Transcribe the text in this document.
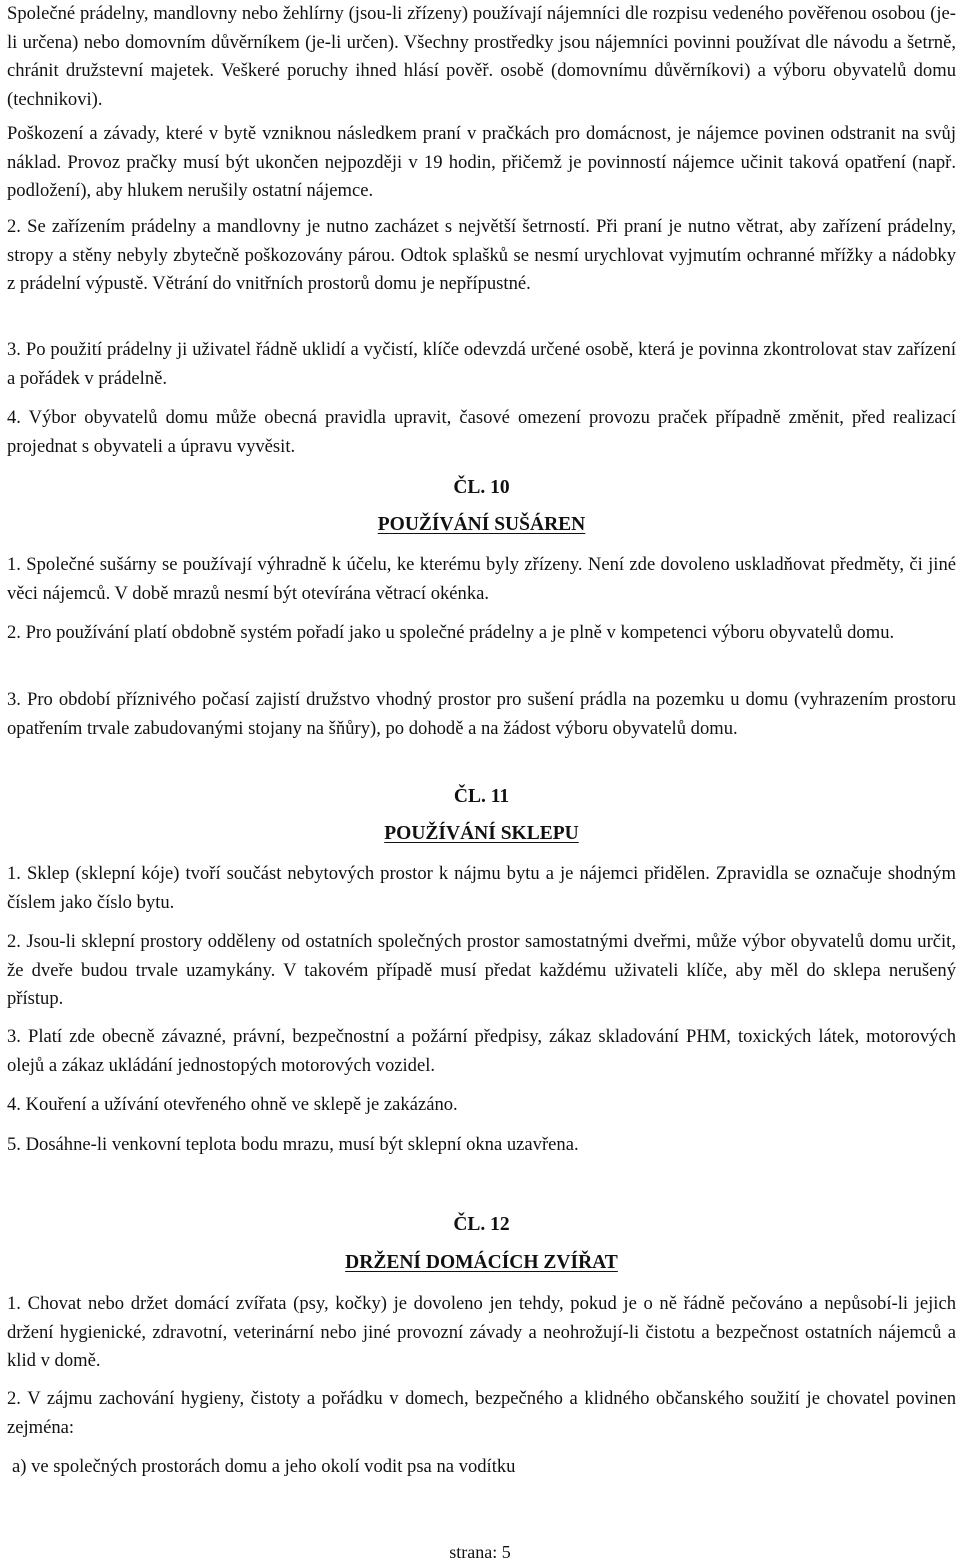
Společné prádelny, mandlovny nebo žehlírny (jsou-li zřízeny) používají nájemníci dle rozpisu vedeného pověřenou osobou (je-li určena) nebo domovním důvěrníkem (je-li určen). Všechny prostředky jsou nájemníci povinni používat dle návodu a šetrně, chránit družstevní majetek. Veškeré poruchy ihned hlásí pověř. osobě (domovnímu důvěrníkovi) a výboru obyvatelů domu (technikovi).

Poškození a závady, které v bytě vzniknou následkem praní v pračkách pro domácnost, je nájemce povinen odstranit na svůj náklad. Provoz pračky musí být ukončen nejpozději v 19 hodin, přičemž je povinností nájemce učinit taková opatření (např. podložení), aby hlukem nerušily ostatní nájemce.

2. Se zařízením prádelny a mandlovny je nutno zacházet s největší šetrností. Při praní je nutno větrat, aby zařízení prádelny, stropy a stěny nebyly zbytečně poškozovány párou. Odtok splašků se nesmí urychlovat vyjmutím ochranné mřížky a nádobky z prádelní výpustě. Větrání do vnitřních prostorů domu je nepřípustné.

3. Po použití prádelny ji uživatel řádně uklidí a vyčistí, klíče odevzdá určené osobě, která je povinna zkontrolovat stav zařízení a pořádek v prádelně.

4. Výbor obyvatelů domu může obecná pravidla upravit, časové omezení provozu praček případně změnit, před realizací projednat s obyvateli a úpravu vyvěsit.

ČL. 10
POUŽÍVÁNÍ SUŠÁREN

1. Společné sušárny se používají výhradně k účelu, ke kterému byly zřízeny. Není zde dovoleno uskladňovat předměty, či jiné věci nájemců. V době mrazů nesmí být otevírána větrací okénka.

2. Pro používání platí obdobně systém pořadí jako u společné prádelny a je plně v kompetenci výboru obyvatelů domu.

3. Pro období příznivého počasí zajistí družstvo vhodný prostor pro sušení prádla na pozemku u domu (vyhrazením prostoru opatřením trvale zabudovanými stojany na šňůry), po dohodě a na žádost výboru obyvatelů domu.

ČL. 11
POUŽÍVÁNÍ SKLEPU

1. Sklep (sklepní kóje) tvoří součást nebytových prostor k nájmu bytu a je nájemci přidělen. Zpravidla se označuje shodným číslem jako číslo bytu.

2. Jsou-li sklepní prostory odděleny od ostatních společných prostor samostatnými dveřmi, může výbor obyvatelů domu určit, že dveře budou trvale uzamykány. V takovém případě musí předat každému uživateli klíče, aby měl do sklepa nerušený přístup.

3. Platí zde obecně závazné, právní, bezpečnostní a požární předpisy, zákaz skladování PHM, toxických látek, motorových olejů a zákaz ukládání jednostopých motorových vozidel.

4. Kouření a užívání otevřeného ohně ve sklepě je zakázáno.

5. Dosáhne-li venkovní teplota bodu mrazu, musí být sklepní okna uzavřena.

ČL. 12
DRŽENÍ DOMÁCÍCH ZVÍŘAT

1. Chovat nebo držet domácí zvířata (psy, kočky) je dovoleno jen tehdy, pokud je o ně řádně pečováno a nepůsobí-li jejich držení hygienické, zdravotní, veterinární nebo jiné provozní závady a neohrožují-li čistotu a bezpečnost ostatních nájemců a klid v domě.

2. V zájmu zachování hygieny, čistoty a pořádku v domech, bezpečného a klidného občanského soužití je chovatel povinen zejména:

a) ve společných prostorách domu a jeho okolí vodit psa na vodítku

strana: 5
